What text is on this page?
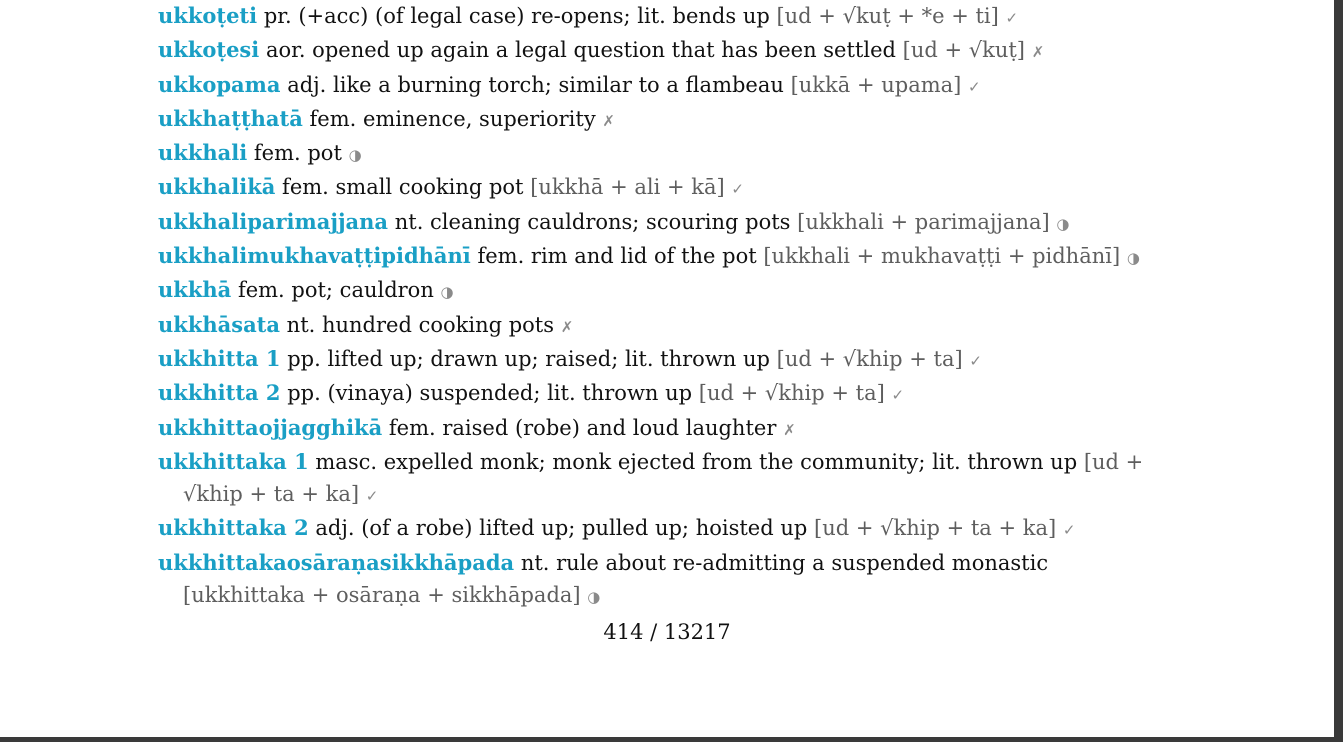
ukkoṭeti pr. (+acc) (of legal case) re-opens; lit. bends up [ud + √kuṭ + *e + ti] ✓

ukkoṭesi aor. opened up again a legal question that has been settled [ud + √kuṭ] ✗

ukkopama adj. like a burning torch; similar to a flambeau [ukkā + upama] ✓

ukkhaṭṭhatā fem. eminence, superiority ✗

ukkhali fem. pot ◑

ukkhalikā fem. small cooking pot [ukkhā + ali + kā] ✓

ukkhaliparimajjana nt. cleaning cauldrons; scouring pots [ukkhali + parimajjana] ◑

ukkhalimukhavaṭṭipidhānī fem. rim and lid of the pot [ukkhali + mukhavaṭṭi + pidhānī] ◑

ukkhā fem. pot; cauldron ◑

ukkhāsata nt. hundred cooking pots ✗

ukkhitta 1 pp. lifted up; drawn up; raised; lit. thrown up [ud + √khip + ta] ✓

ukkhitta 2 pp. (vinaya) suspended; lit. thrown up [ud + √khip + ta] ✓

ukkhittaojjagghikā fem. raised (robe) and loud laughter ✗

ukkhittaka 1 masc. expelled monk; monk ejected from the community; lit. thrown up [ud + √khip + ta + ka] ✓

ukkhittaka 2 adj. (of a robe) lifted up; pulled up; hoisted up [ud + √khip + ta + ka] ✓

ukkhittakaosāraṇasikkhāpada nt. rule about re-admitting a suspended monastic [ukkhittaka + osāraṇa + sikkhāpada] ◑

414 / 13217
